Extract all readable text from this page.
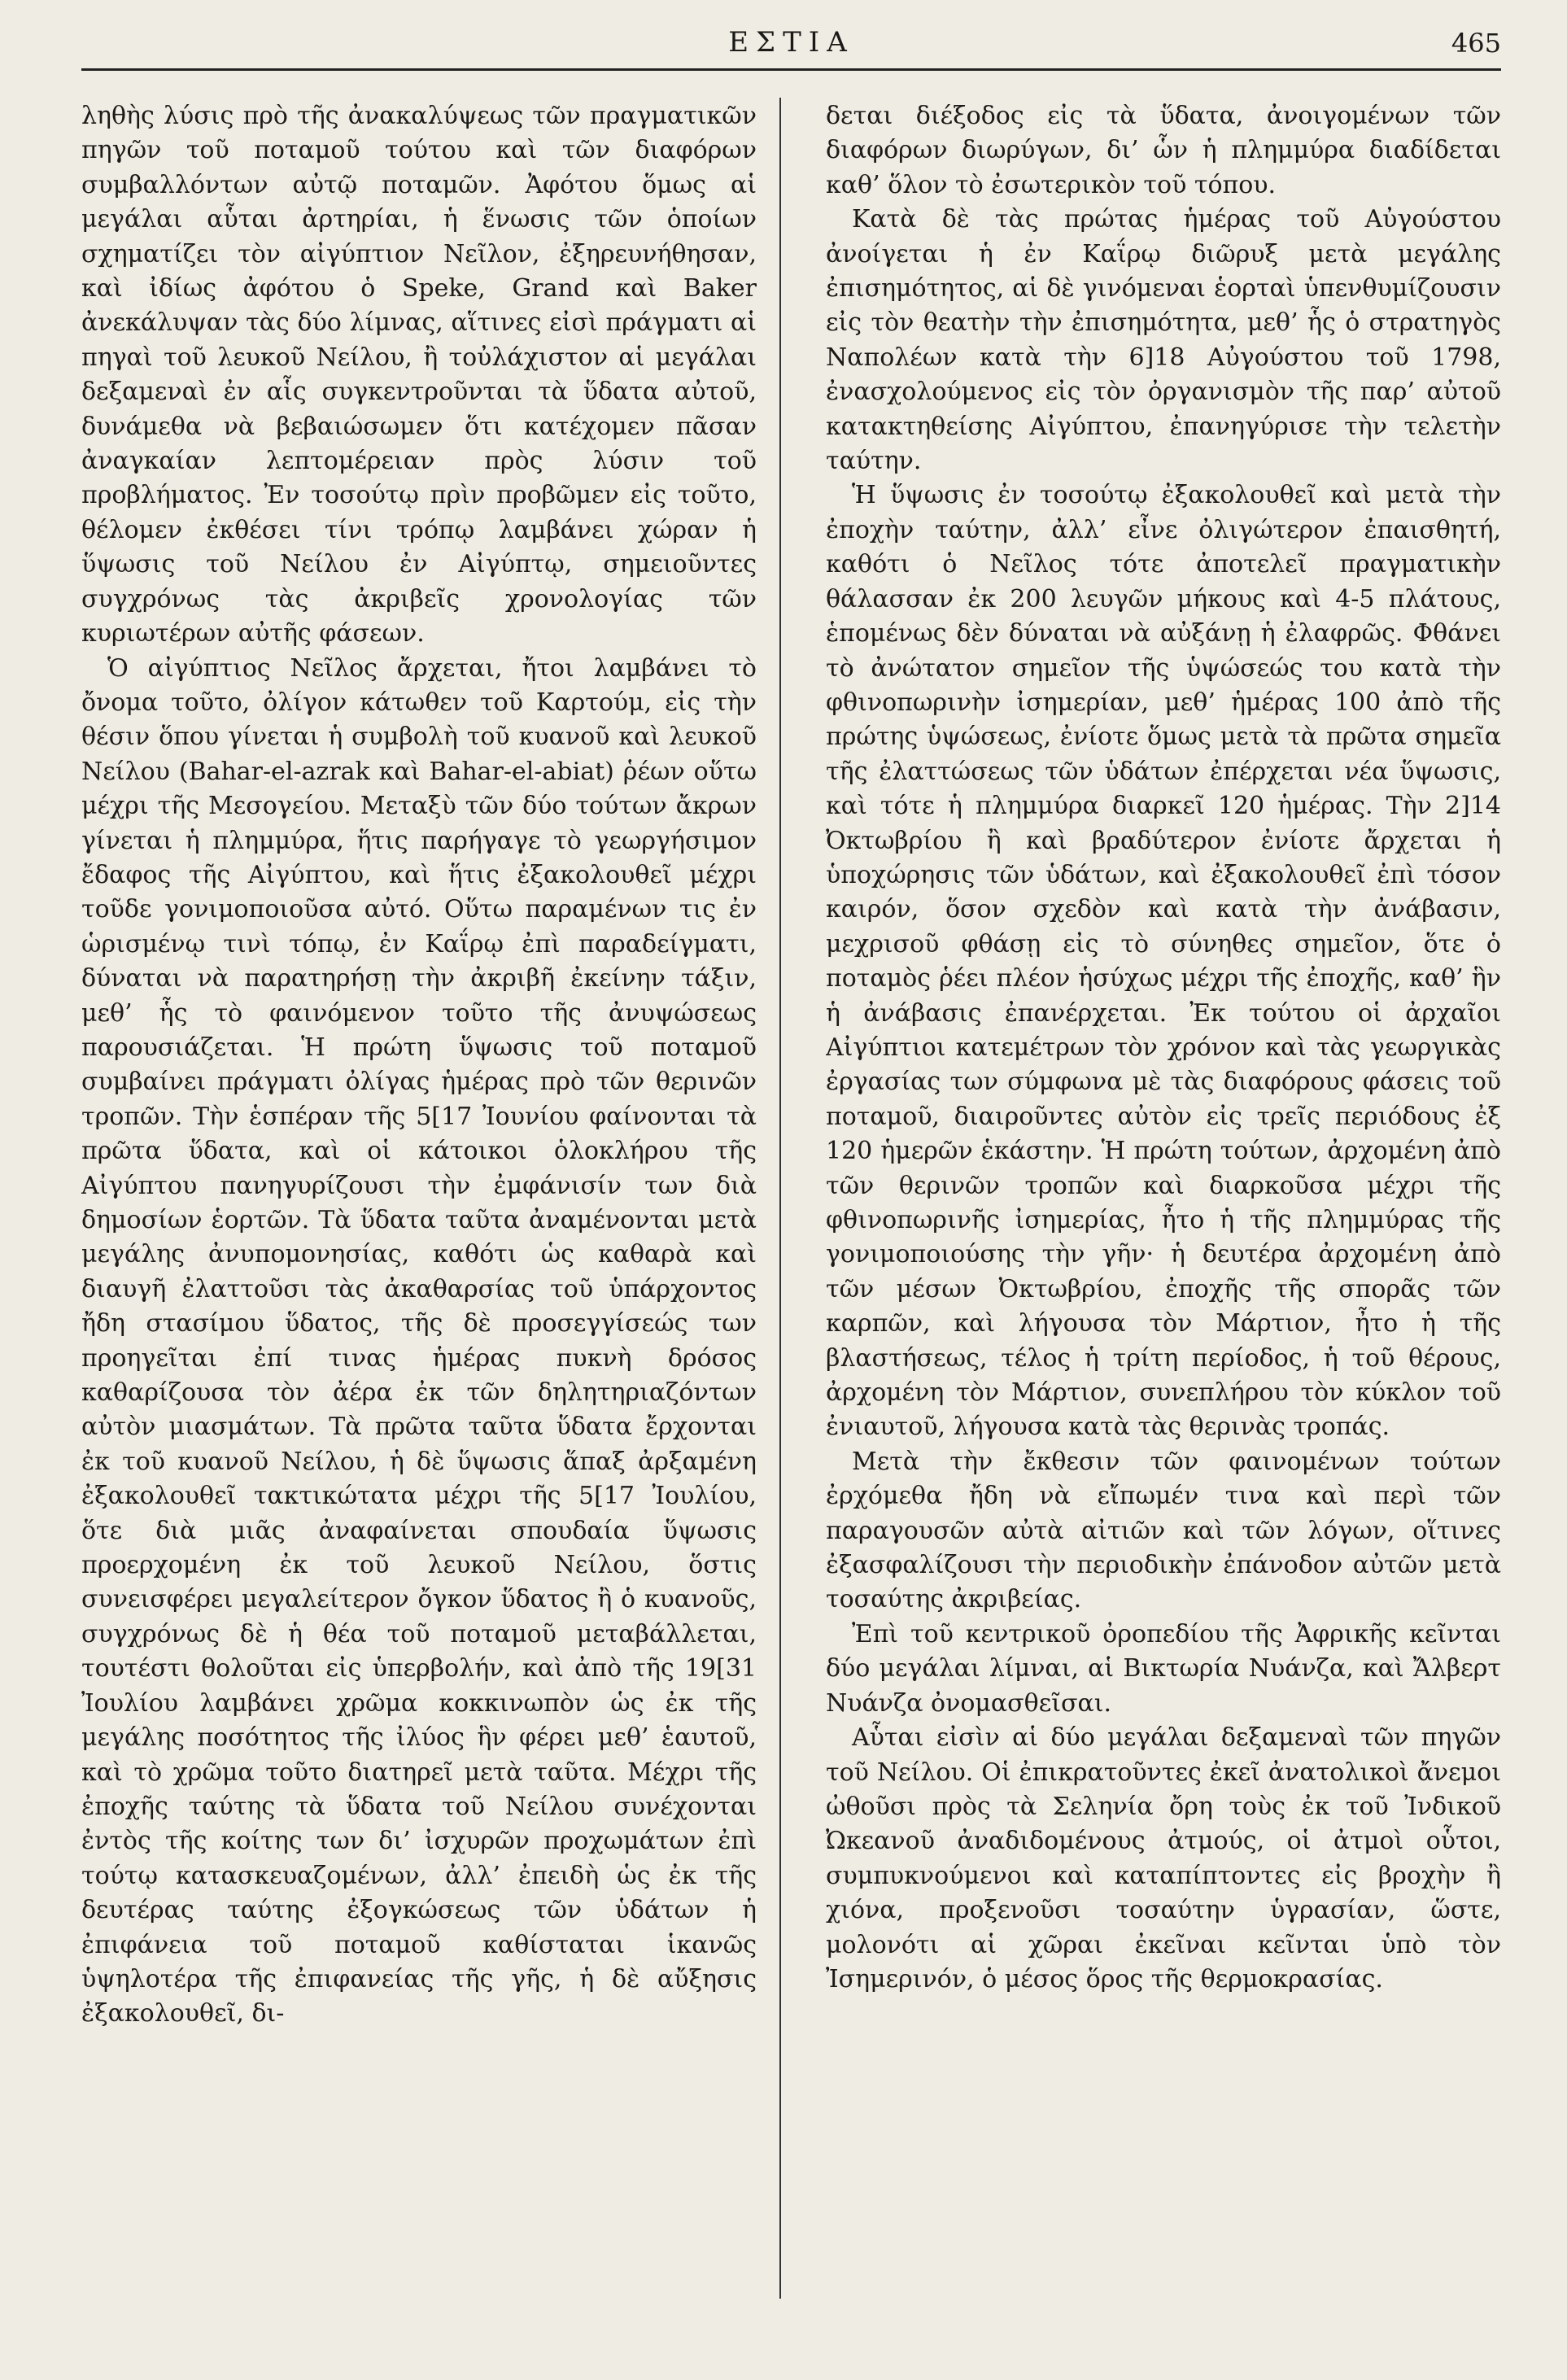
ΕΣΤΙΑ	465

ληθὴς λύσις πρὸ τῆς ἀνακαλύψεως τῶν πραγματικῶν πηγῶν τοῦ ποταμοῦ τούτου καὶ τῶν διαφόρων συμβαλλόντων αὐτῷ ποταμῶν. Ἀφότου ὅμως αἱ μεγάλαι αὗται ἀρτηρίαι, ἡ ἕνωσις τῶν ὁποίων σχηματίζει τὸν αἰγύπτιον Νεῖλον, ἐξηρευνήθησαν, καὶ ἰδίως ἀφότου ὁ Speke, Grand καὶ Baker ἀνεκάλυψαν τὰς δύο λίμνας, αἵτινες εἰσὶ πράγματι αἱ πηγαὶ τοῦ λευκοῦ Νείλου, ἢ τοὐλάχιστον αἱ μεγάλαι δεξαμεναὶ ἐν αἷς συγκεντροῦνται τὰ ὕδατα αὐτοῦ, δυνάμεθα νὰ βεβαιώσωμεν ὅτι κατέχομεν πᾶσαν ἀναγκαίαν λεπτομέρειαν πρὸς λύσιν τοῦ προβλήματος. Ἐν τοσούτῳ πρὶν προβῶμεν εἰς τοῦτο, θέλομεν ἐκθέσει τίνι τρόπῳ λαμβάνει χώραν ἡ ὕψωσις τοῦ Νείλου ἐν Αἰγύπτῳ, σημειοῦντες συγχρόνως τὰς ἀκριβεῖς χρονολογίας τῶν κυριωτέρων αὐτῆς φάσεων.

Ὁ αἰγύπτιος Νεῖλος ἄρχεται, ἤτοι λαμβάνει τὸ ὄνομα τοῦτο, ὀλίγον κάτωθεν τοῦ Καρτούμ, εἰς τὴν θέσιν ὅπου γίνεται ἡ συμβολὴ τοῦ κυανοῦ καὶ λευκοῦ Νείλου (Bahar-el-azrak καὶ Bahar-el-abiat) ῥέων οὕτω μέχρι τῆς Μεσογείου. Μεταξὺ τῶν δύο τούτων ἄκρων γίνεται ἡ πλημμύρα, ἥτις παρήγαγε τὸ γεωργήσιμον ἔδαφος τῆς Αἰγύπτου, καὶ ἥτις ἐξακολουθεῖ μέχρι τοῦδε γονιμοποιοῦσα αὐτό. Οὕτω παραμένων τις ἐν ὡρισμένῳ τινὶ τόπῳ, ἐν Καΐρῳ ἐπὶ παραδείγματι, δύναται νὰ παρατηρήσῃ τὴν ἀκριβῆ ἐκείνην τάξιν, μεθ’ ἧς τὸ φαινόμενον τοῦτο τῆς ἀνυψώσεως παρουσιάζεται. Ἡ πρώτη ὕψωσις τοῦ ποταμοῦ συμβαίνει πράγματι ὀλίγας ἡμέρας πρὸ τῶν θερινῶν τροπῶν. Τὴν ἑσπέραν τῆς 5[17 Ἰουνίου φαίνονται τὰ πρῶτα ὕδατα, καὶ οἱ κάτοικοι ὁλοκλήρου τῆς Αἰγύπτου πανηγυρίζουσι τὴν ἐμφάνισίν των διὰ δημοσίων ἑορτῶν. Τὰ ὕδατα ταῦτα ἀναμένονται μετὰ μεγάλης ἀνυπομονησίας, καθότι ὡς καθαρὰ καὶ διαυγῆ ἐλαττοῦσι τὰς ἀκαθαρσίας τοῦ ὑπάρχοντος ἤδη στασίμου ὕδατος, τῆς δὲ προσεγγίσεώς των προηγεῖται ἐπί τινας ἡμέρας πυκνὴ δρόσος καθαρίζουσα τὸν ἀέρα ἐκ τῶν δηλητηριαζόντων αὐτὸν μιασμάτων. Τὰ πρῶτα ταῦτα ὕδατα ἔρχονται ἐκ τοῦ κυανοῦ Νείλου, ἡ δὲ ὕψωσις ἅπαξ ἀρξαμένη ἐξακολουθεῖ τακτικώτατα μέχρι τῆς 5[17 Ἰουλίου, ὅτε διὰ μιᾶς ἀναφαίνεται σπουδαία ὕψωσις προερχομένη ἐκ τοῦ λευκοῦ Νείλου, ὅστις συνεισφέρει μεγαλείτερον ὄγκον ὕδατος ἢ ὁ κυανοῦς, συγχρόνως δὲ ἡ θέα τοῦ ποταμοῦ μεταβάλλεται, τουτέστι θολοῦται εἰς ὑπερβολήν, καὶ ἀπὸ τῆς 19[31 Ἰουλίου λαμβάνει χρῶμα κοκκινωπὸν ὡς ἐκ τῆς μεγάλης ποσότητος τῆς ἰλύος ἣν φέρει μεθ’ ἑαυτοῦ, καὶ τὸ χρῶμα τοῦτο διατηρεῖ μετὰ ταῦτα. Μέχρι τῆς ἐποχῆς ταύτης τὰ ὕδατα τοῦ Νείλου συνέχονται ἐντὸς τῆς κοίτης των δι’ ἰσχυρῶν προχωμάτων ἐπὶ τούτῳ κατασκευαζομένων, ἀλλ’ ἐπειδὴ ὡς ἐκ τῆς δευτέρας ταύτης ἐξογκώσεως τῶν ὑδάτων ἡ ἐπιφάνεια τοῦ ποταμοῦ καθίσταται ἱκανῶς ὑψηλοτέρα τῆς ἐπιφανείας τῆς γῆς, ἡ δὲ αὔξησις ἐξακολουθεῖ, δι-

δεται διέξοδος εἰς τὰ ὕδατα, ἀνοιγομένων τῶν διαφόρων διωρύγων, δι’ ὧν ἡ πλημμύρα διαδίδεται καθ’ ὅλον τὸ ἐσωτερικὸν τοῦ τόπου.

Κατὰ δὲ τὰς πρώτας ἡμέρας τοῦ Αὐγούστου ἀνοίγεται ἡ ἐν Καΐρῳ διῶρυξ μετὰ μεγάλης ἐπισημότητος, αἱ δὲ γινόμεναι ἑορταὶ ὑπενθυμίζουσιν εἰς τὸν θεατὴν τὴν ἐπισημότητα, μεθ’ ἧς ὁ στρατηγὸς Ναπολέων κατὰ τὴν 6]18 Αὐγούστου τοῦ 1798, ἐνασχολούμενος εἰς τὸν ὀργανισμὸν τῆς παρ’ αὐτοῦ κατακτηθείσης Αἰγύπτου, ἐπανηγύρισε τὴν τελετὴν ταύτην.

Ἡ ὕψωσις ἐν τοσούτῳ ἐξακολουθεῖ καὶ μετὰ τὴν ἐποχὴν ταύτην, ἀλλ’ εἶνε ὀλιγώτερον ἐπαισθητή, καθότι ὁ Νεῖλος τότε ἀποτελεῖ πραγματικὴν θάλασσαν ἐκ 200 λευγῶν μήκους καὶ 4-5 πλάτους, ἑπομένως δὲν δύναται νὰ αὐξάνῃ ἡ ἐλαφρῶς. Φθάνει τὸ ἀνώτατον σημεῖον τῆς ὑψώσεώς του κατὰ τὴν φθινοπωρινὴν ἰσημερίαν, μεθ’ ἡμέρας 100 ἀπὸ τῆς πρώτης ὑψώσεως, ἐνίοτε ὅμως μετὰ τὰ πρῶτα σημεῖα τῆς ἐλαττώσεως τῶν ὑδάτων ἐπέρχεται νέα ὕψωσις, καὶ τότε ἡ πλημμύρα διαρκεῖ 120 ἡμέρας. Τὴν 2]14 Ὀκτωβρίου ἢ καὶ βραδύτερον ἐνίοτε ἄρχεται ἡ ὑποχώρησις τῶν ὑδάτων, καὶ ἐξακολουθεῖ ἐπὶ τόσον καιρόν, ὅσον σχεδὸν καὶ κατὰ τὴν ἀνάβασιν, μεχρισοῦ φθάσῃ εἰς τὸ σύνηθες σημεῖον, ὅτε ὁ ποταμὸς ῥέει πλέον ἡσύχως μέχρι τῆς ἐποχῆς, καθ’ ἣν ἡ ἀνάβασις ἐπανέρχεται. Ἐκ τούτου οἱ ἀρχαῖοι Αἰγύπτιοι κατεμέτρων τὸν χρόνον καὶ τὰς γεωργικὰς ἐργασίας των σύμφωνα μὲ τὰς διαφόρους φάσεις τοῦ ποταμοῦ, διαιροῦντες αὐτὸν εἰς τρεῖς περιόδους ἐξ 120 ἡμερῶν ἑκάστην. Ἡ πρώτη τούτων, ἀρχομένη ἀπὸ τῶν θερινῶν τροπῶν καὶ διαρκοῦσα μέχρι τῆς φθινοπωρινῆς ἰσημερίας, ἦτο ἡ τῆς πλημμύρας τῆς γονιμοποιούσης τὴν γῆν· ἡ δευτέρα ἀρχομένη ἀπὸ τῶν μέσων Ὀκτωβρίου, ἐποχῆς τῆς σπορᾶς τῶν καρπῶν, καὶ λήγουσα τὸν Μάρτιον, ἦτο ἡ τῆς βλαστήσεως, τέλος ἡ τρίτη περίοδος, ἡ τοῦ θέρους, ἀρχομένη τὸν Μάρτιον, συνεπλήρου τὸν κύκλον τοῦ ἐνιαυτοῦ, λήγουσα κατὰ τὰς θερινὰς τροπάς.

Μετὰ τὴν ἔκθεσιν τῶν φαινομένων τούτων ἐρχόμεθα ἤδη νὰ εἴπωμέν τινα καὶ περὶ τῶν παραγουσῶν αὐτὰ αἰτιῶν καὶ τῶν λόγων, οἵτινες ἐξασφαλίζουσι τὴν περιοδικὴν ἐπάνοδον αὐτῶν μετὰ τοσαύτης ἀκριβείας.

Ἐπὶ τοῦ κεντρικοῦ ὀροπεδίου τῆς Ἀφρικῆς κεῖνται δύο μεγάλαι λίμναι, αἱ Βικτωρία Νυάνζα, καὶ Ἄλβερτ Νυάνζα ὀνομασθεῖσαι.

Αὗται εἰσὶν αἱ δύο μεγάλαι δεξαμεναὶ τῶν πηγῶν τοῦ Νείλου. Οἱ ἐπικρατοῦντες ἐκεῖ ἀνατολικοὶ ἄνεμοι ὠθοῦσι πρὸς τὰ Σεληνία ὄρη τοὺς ἐκ τοῦ Ἰνδικοῦ Ὠκεανοῦ ἀναδιδομένους ἀτμούς, οἱ ἀτμοὶ οὗτοι, συμπυκνούμενοι καὶ καταπίπτοντες εἰς βροχὴν ἢ χιόνα, προξενοῦσι τοσαύτην ὑγρασίαν, ὥστε, μολονότι αἱ χῶραι ἐκεῖναι κεῖνται ὑπὸ τὸν Ἰσημερινόν, ὁ μέσος ὅρος τῆς θερμοκρασίας.
